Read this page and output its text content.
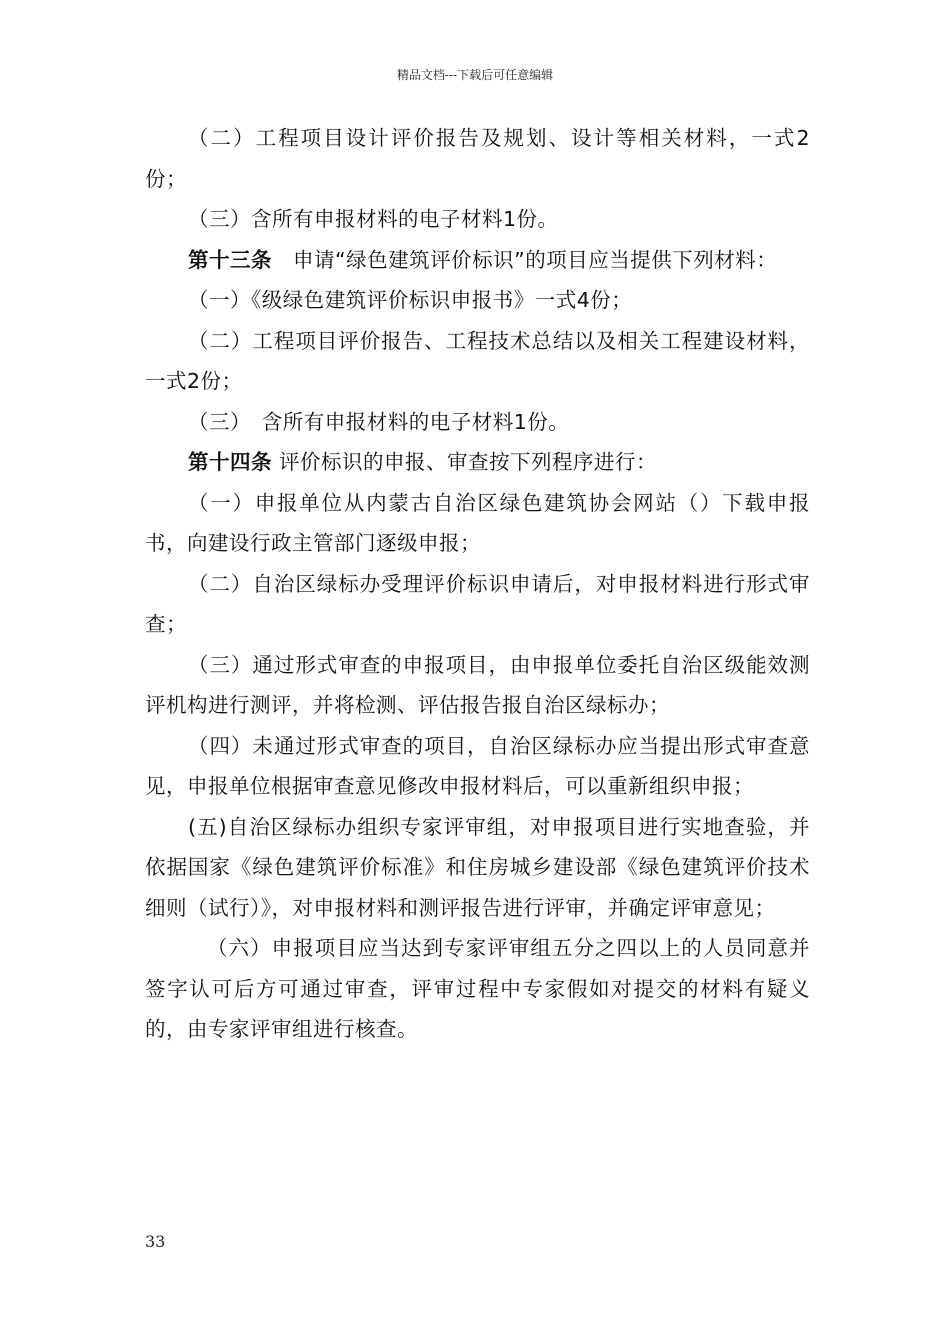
精品文档---下载后可任意编辑

（二）工程项目设计评价报告及规划、设计等相关材料，一式2份；

（三）含所有申报材料的电子材料1份。

第十三条　申请“绿色建筑评价标识”的项目应当提供下列材料：

（一）《级绿色建筑评价标识申报书》一式4份；

（二）工程项目评价报告、工程技术总结以及相关工程建设材料，一式2份；

（三）　含所有申报材料的电子材料1份。

第十四条 评价标识的申报、审查按下列程序进行：

（一）申报单位从内蒙古自治区绿色建筑协会网站（）下载申报书，向建设行政主管部门逐级申报；

（二）自治区绿标办受理评价标识申请后，对申报材料进行形式审查；

（三）通过形式审查的申报项目，由申报单位委托自治区级能效测评机构进行测评，并将检测、评估报告报自治区绿标办；

（四）未通过形式审查的项目，自治区绿标办应当提出形式审查意见，申报单位根据审查意见修改申报材料后，可以重新组织申报；

(五)自治区绿标办组织专家评审组，对申报项目进行实地查验，并依据国家《绿色建筑评价标准》和住房城乡建设部《绿色建筑评价技术细则（试行）》，对申报材料和测评报告进行评审，并确定评审意见；

（六）申报项目应当达到专家评审组五分之四以上的人员同意并签字认可后方可通过审查，评审过程中专家假如对提交的材料有疑义的，由专家评审组进行核查。

33
